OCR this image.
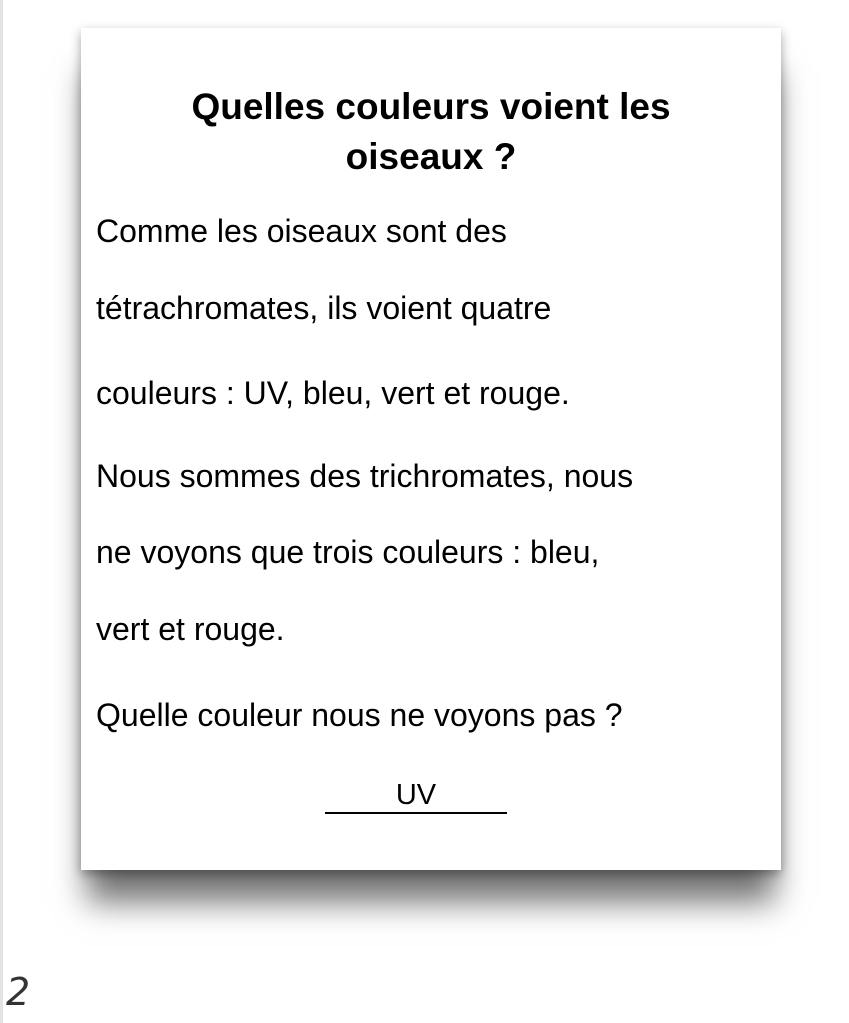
Quelles couleurs voient les
oiseaux ?

Comme les oiseaux sont des

tétrachromates, ils voient quatre

couleurs : UV, bleu, vert et rouge.

Nous sommes des trichromates, nous

ne voyons que trois couleurs : bleu,

vert et rouge.

Quelle couleur nous ne voyons pas ?

UV
2
